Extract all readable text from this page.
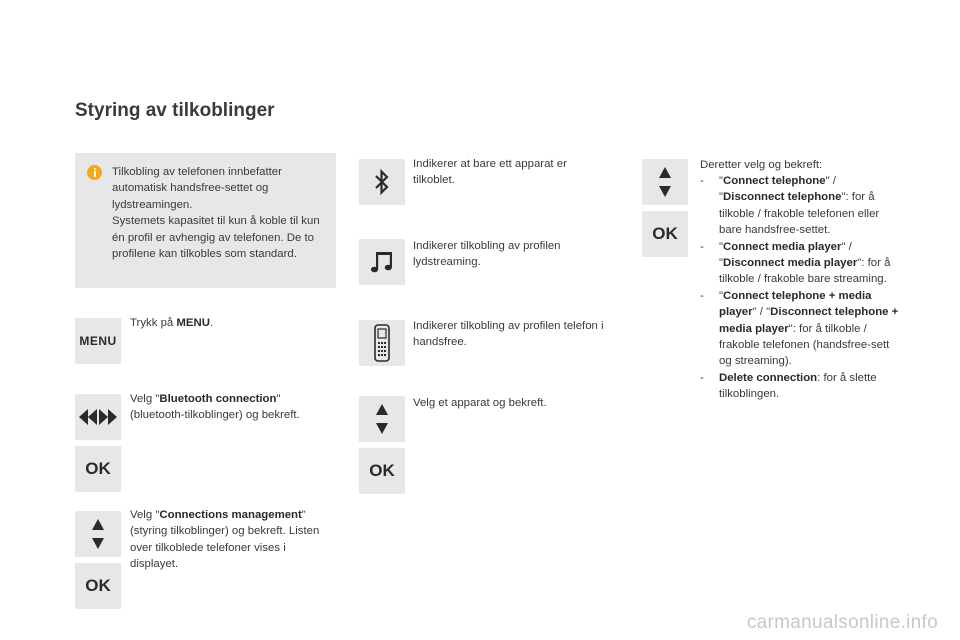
Styring av tilkoblinger

Tilkobling av telefonen innbefatter automatisk handsfree-settet og lydstreamingen.

Systemets kapasitet til kun å koble til kun én profil er avhengig av telefonen. De to profilene kan tilkobles som standard.

MENU

Trykk på MENU.

Velg "Bluetooth connection" (bluetooth-tilkoblinger) og bekreft.

OK

Velg "Connections management" (styring tilkoblinger) og bekreft. Listen over tilkoblede telefoner vises i displayet.

OK

Indikerer at bare ett apparat er tilkoblet.

Indikerer tilkobling av profilen lydstreaming.

Indikerer tilkobling av profilen telefon i handsfree.

Velg et apparat og bekreft.

OK
OK

Deretter velg og bekreft:

- "Connect telephone" / "Disconnect telephone": for å tilkoble / frakoble telefonen eller bare handsfree-settet.
- "Connect media player" / "Disconnect media player": for å tilkoble / frakoble bare streaming.
- "Connect telephone + media player" / "Disconnect telephone + media player": for å tilkoble / frakoble telefonen (handsfree-sett og streaming).
- Delete connection: for å slette tilkoblingen.
carmanualsonline.info
